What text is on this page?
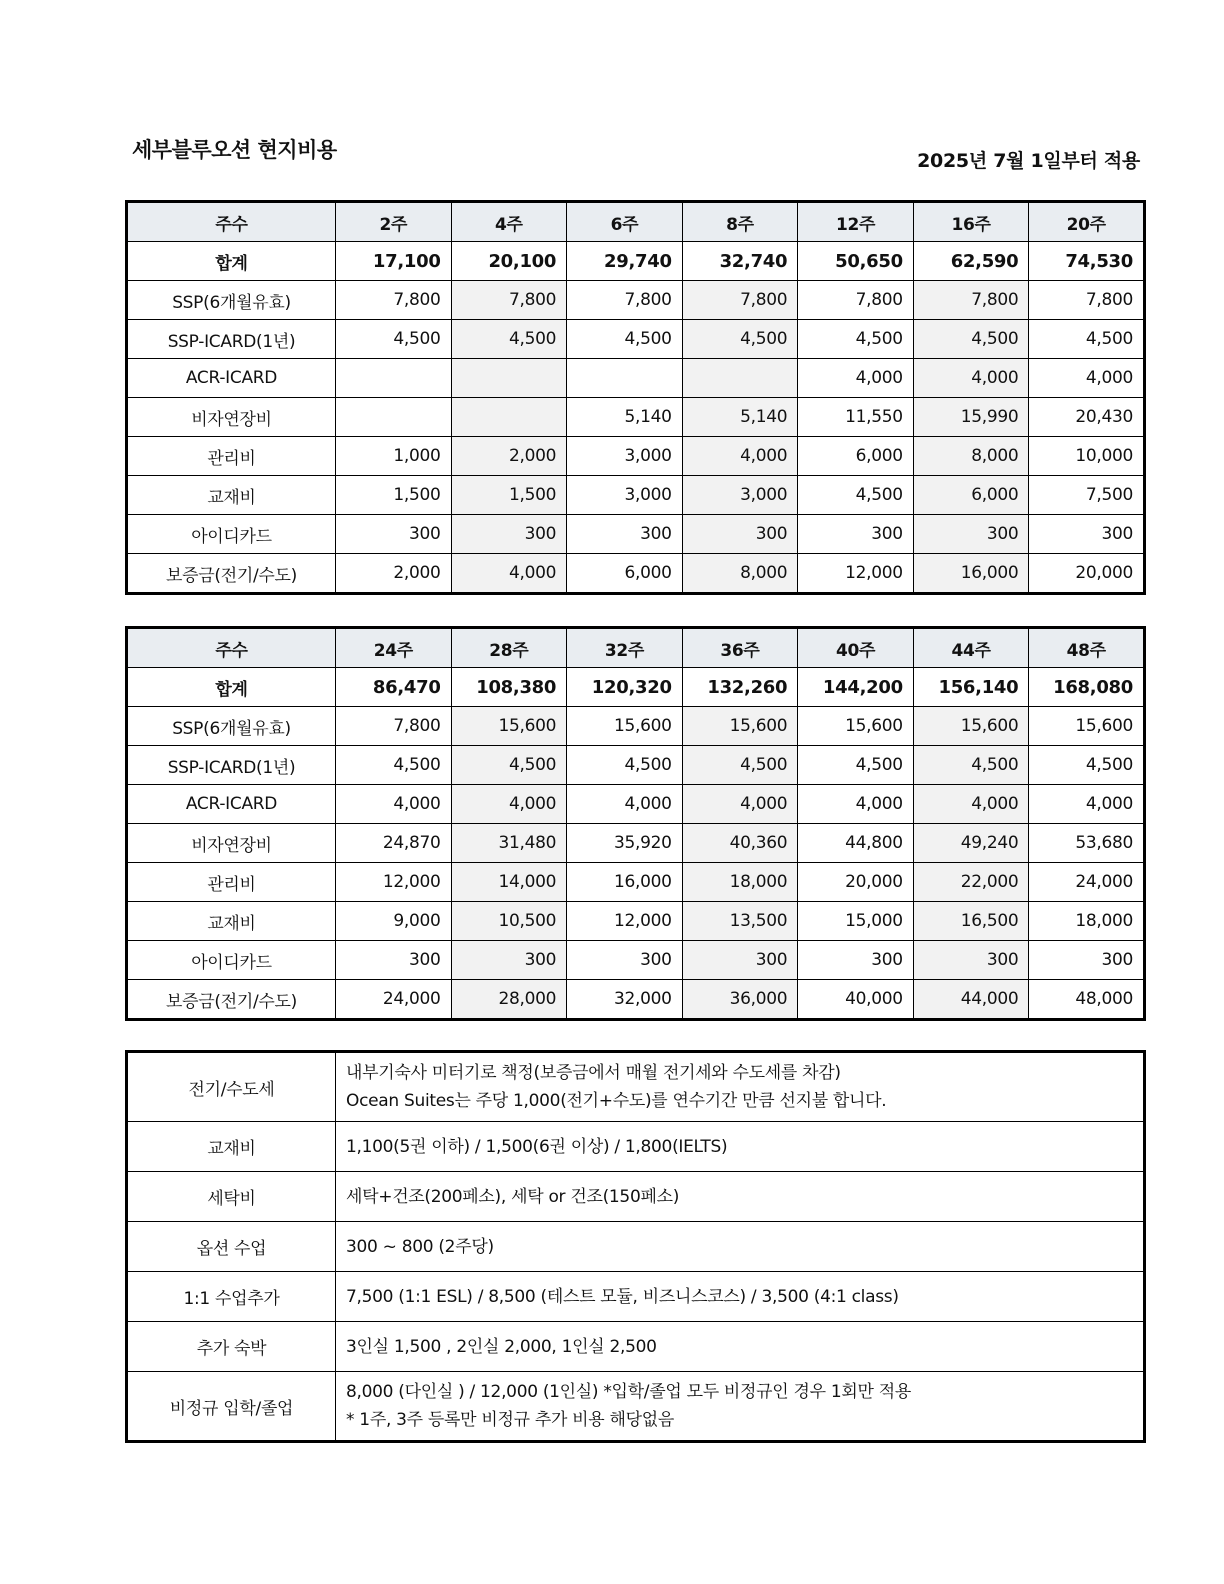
세부블루오션 현지비용	2025년 7월 1일부터 적용
주수	2주	4주	6주	8주	12주	16주	20주
합계	17,100	20,100	29,740	32,740	50,650	62,590	74,530
SSP(6개월유효)	7,800	7,800	7,800	7,800	7,800	7,800	7,800
SSP-ICARD(1년)	4,500	4,500	4,500	4,500	4,500	4,500	4,500
ACR-ICARD					4,000	4,000	4,000
비자연장비			5,140	5,140	11,550	15,990	20,430
관리비	1,000	2,000	3,000	4,000	6,000	8,000	10,000
교재비	1,500	1,500	3,000	3,000	4,500	6,000	7,500
아이디카드	300	300	300	300	300	300	300
보증금(전기/수도)	2,000	4,000	6,000	8,000	12,000	16,000	20,000
주수	24주	28주	32주	36주	40주	44주	48주
합계	86,470	108,380	120,320	132,260	144,200	156,140	168,080
SSP(6개월유효)	7,800	15,600	15,600	15,600	15,600	15,600	15,600
SSP-ICARD(1년)	4,500	4,500	4,500	4,500	4,500	4,500	4,500
ACR-ICARD	4,000	4,000	4,000	4,000	4,000	4,000	4,000
비자연장비	24,870	31,480	35,920	40,360	44,800	49,240	53,680
관리비	12,000	14,000	16,000	18,000	20,000	22,000	24,000
교재비	9,000	10,500	12,000	13,500	15,000	16,500	18,000
아이디카드	300	300	300	300	300	300	300
보증금(전기/수도)	24,000	28,000	32,000	36,000	40,000	44,000	48,000
전기/수도세	내부기숙사 미터기로 책정(보증금에서 매월 전기세와 수도세를 차감)
Ocean Suites는 주당 1,000(전기+수도)를 연수기간 만큼 선지불 합니다.

교재비	1,100(5권 이하) / 1,500(6권 이상) / 1,800(IELTS)

세탁비	세탁+건조(200페소), 세탁 or 건조(150페소)

옵션 수업	300 ~ 800 (2주당)

1:1 수업추가	7,500 (1:1 ESL) / 8,500 (테스트 모듈, 비즈니스코스) / 3,500 (4:1 class)

추가 숙박	3인실 1,500 , 2인실 2,000, 1인실 2,500

비정규 입학/졸업	8,000 (다인실 ) / 12,000 (1인실) *입학/졸업 모두 비정규인 경우 1회만 적용
* 1주, 3주 등록만 비정규 추가 비용 해당없음
